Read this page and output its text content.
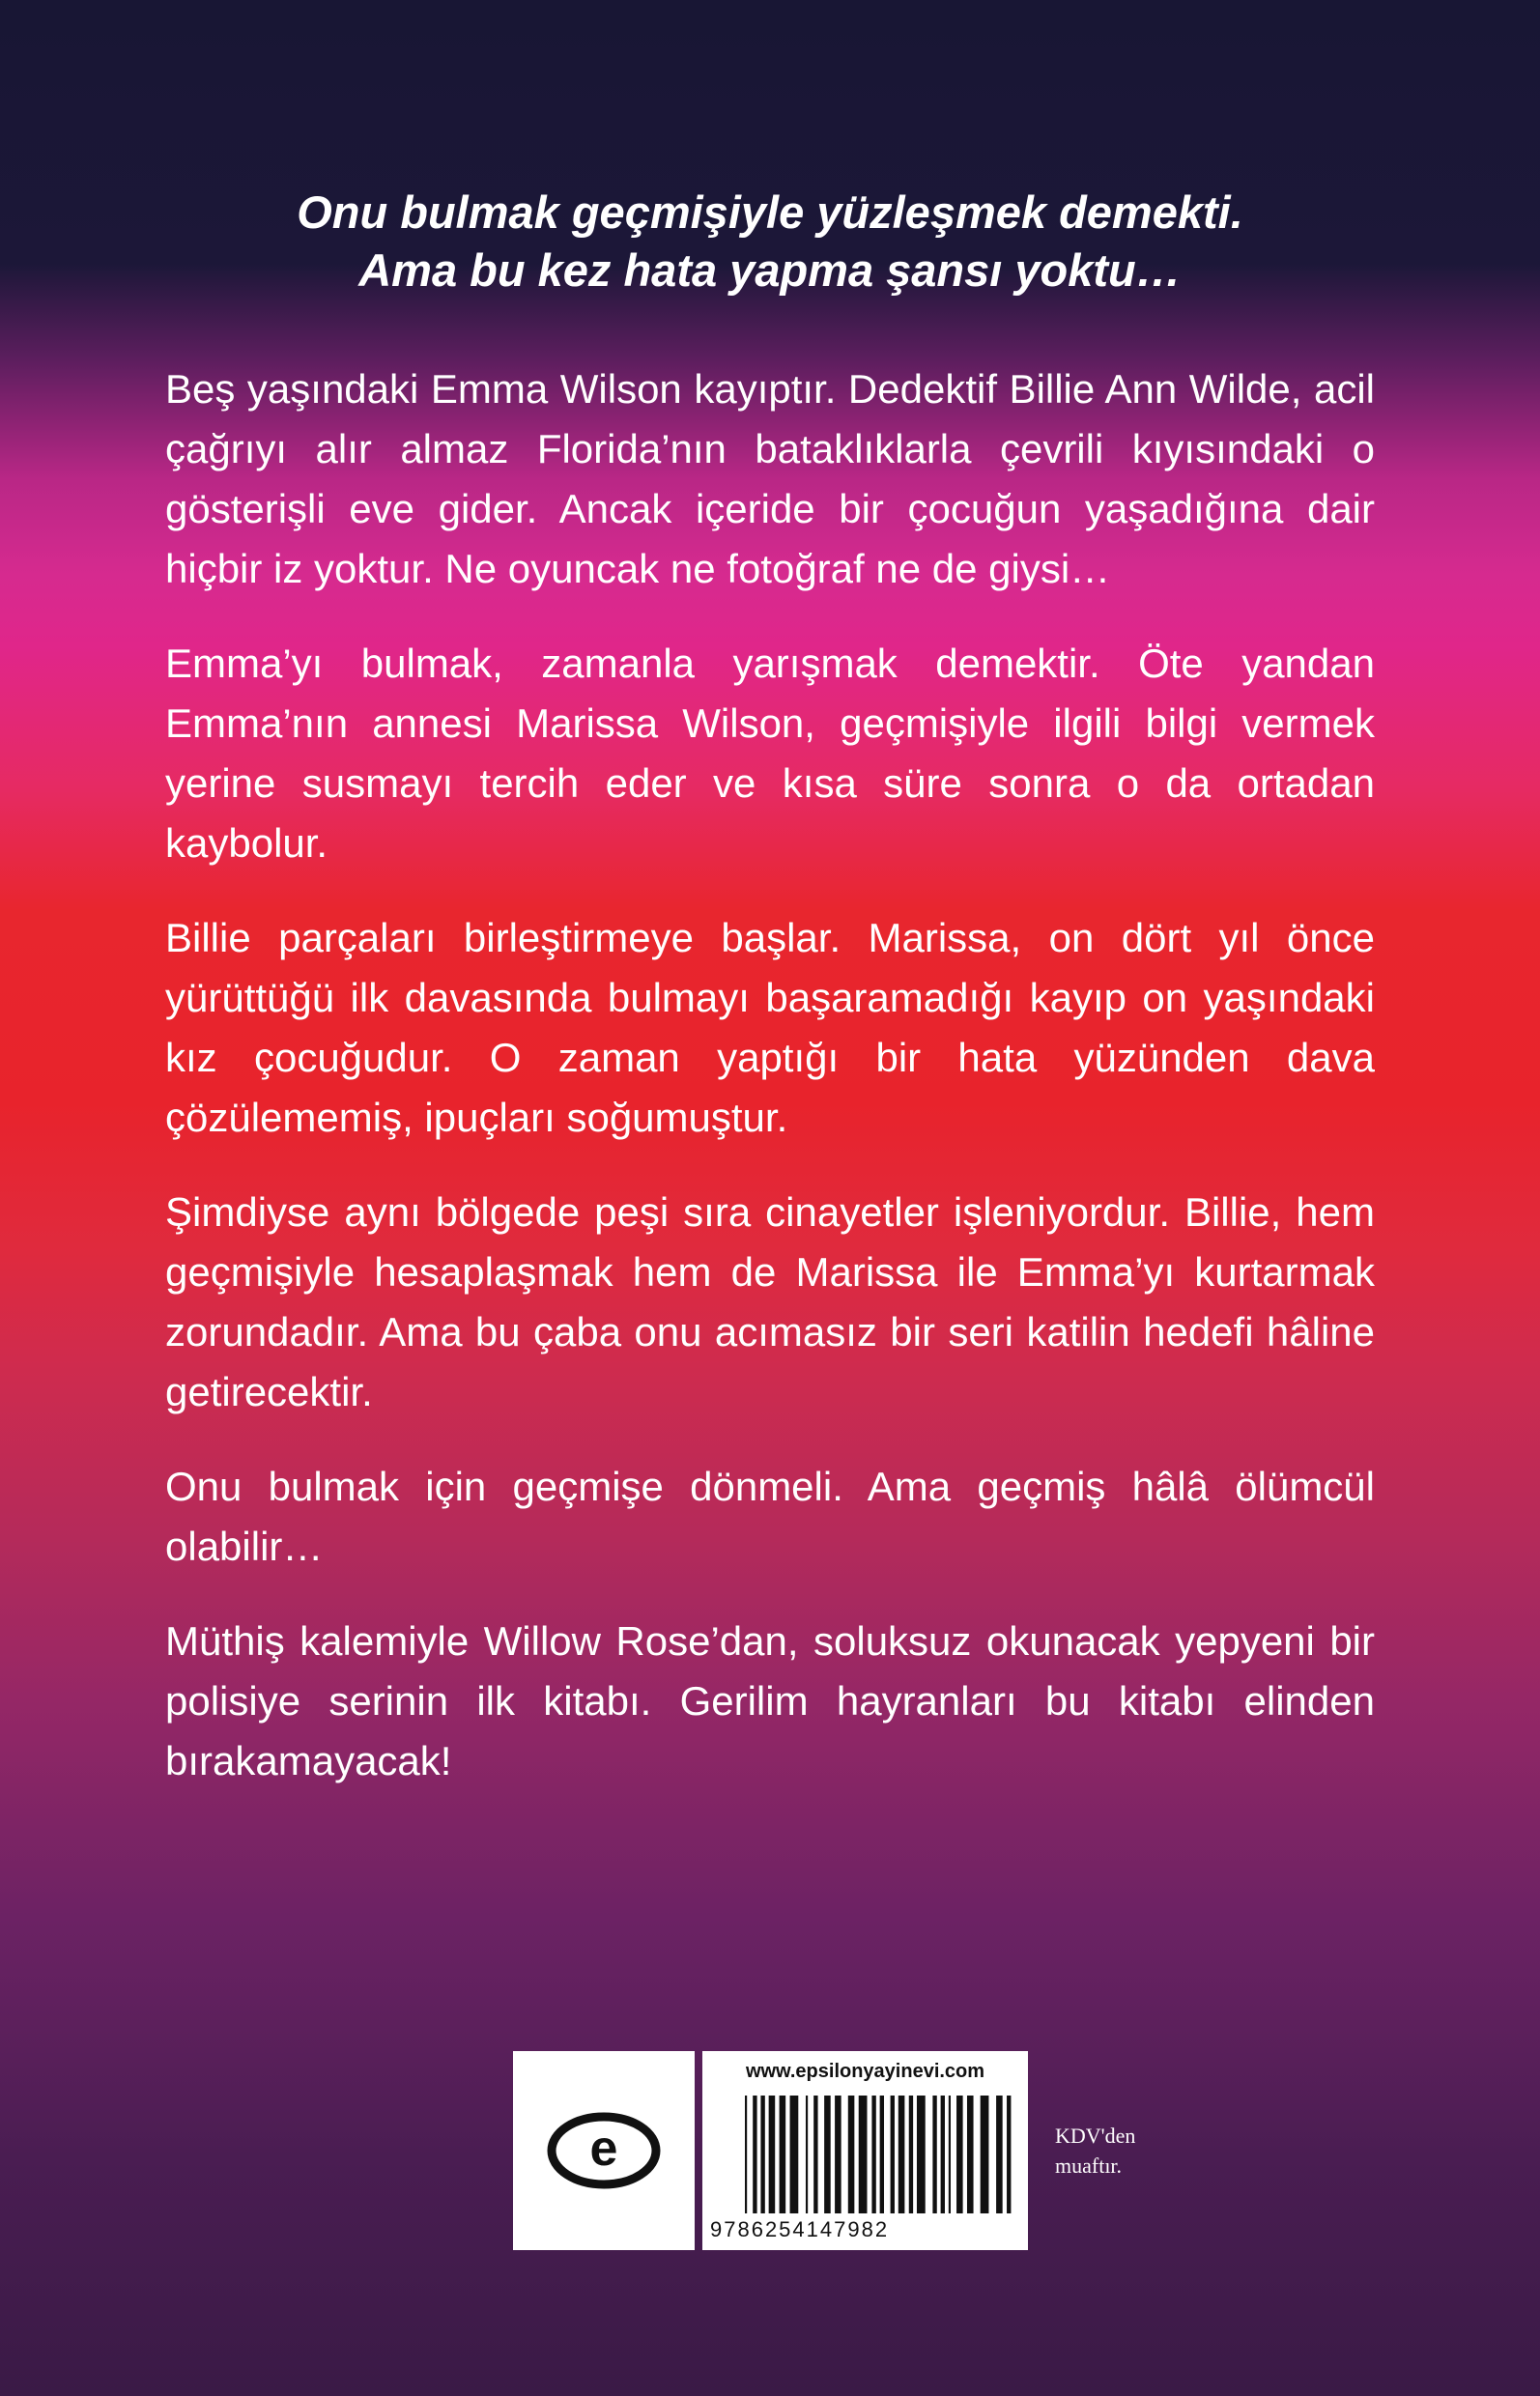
Onu bulmak geçmişiyle yüzleşmek demekti.
Ama bu kez hata yapma şansı yoktu…

Beş yaşındaki Emma Wilson kayıptır. Dedektif Billie Ann Wilde, acil çağrıyı alır almaz Florida’nın bataklıklarla çevrili kıyısındaki o gösterişli eve gider. Ancak içeride bir çocuğun yaşadığına dair hiçbir iz yoktur. Ne oyuncak ne fotoğraf ne de giysi…

Emma’yı bulmak, zamanla yarışmak demektir. Öte yandan Emma’nın annesi Marissa Wilson, geçmişiyle ilgili bilgi vermek yerine susmayı tercih eder ve kısa süre sonra o da ortadan kaybolur.

Billie parçaları birleştirmeye başlar. Marissa, on dört yıl önce yürüttüğü ilk davasında bulmayı başaramadığı kayıp on yaşındaki kız çocuğudur. O zaman yaptığı bir hata yüzünden dava çözülememiş, ipuçları soğumuştur.

Şimdiyse aynı bölgede peşi sıra cinayetler işleniyordur. Billie, hem geçmişiyle hesaplaşmak hem de Marissa ile Emma’yı kurtarmak zorundadır. Ama bu çaba onu acımasız bir seri katilin hedefi hâline getirecektir.

Onu bulmak için geçmişe dönmeli. Ama geçmiş hâlâ ölümcül olabilir…

Müthiş kalemiyle Willow Rose’dan, soluksuz okunacak yepyeni bir polisiye serinin ilk kitabı. Gerilim hayranları bu kitabı elinden bırakamayacak!

e
www.epsilonyayinevi.com
9786254147982
KDV'den
muaftır.
